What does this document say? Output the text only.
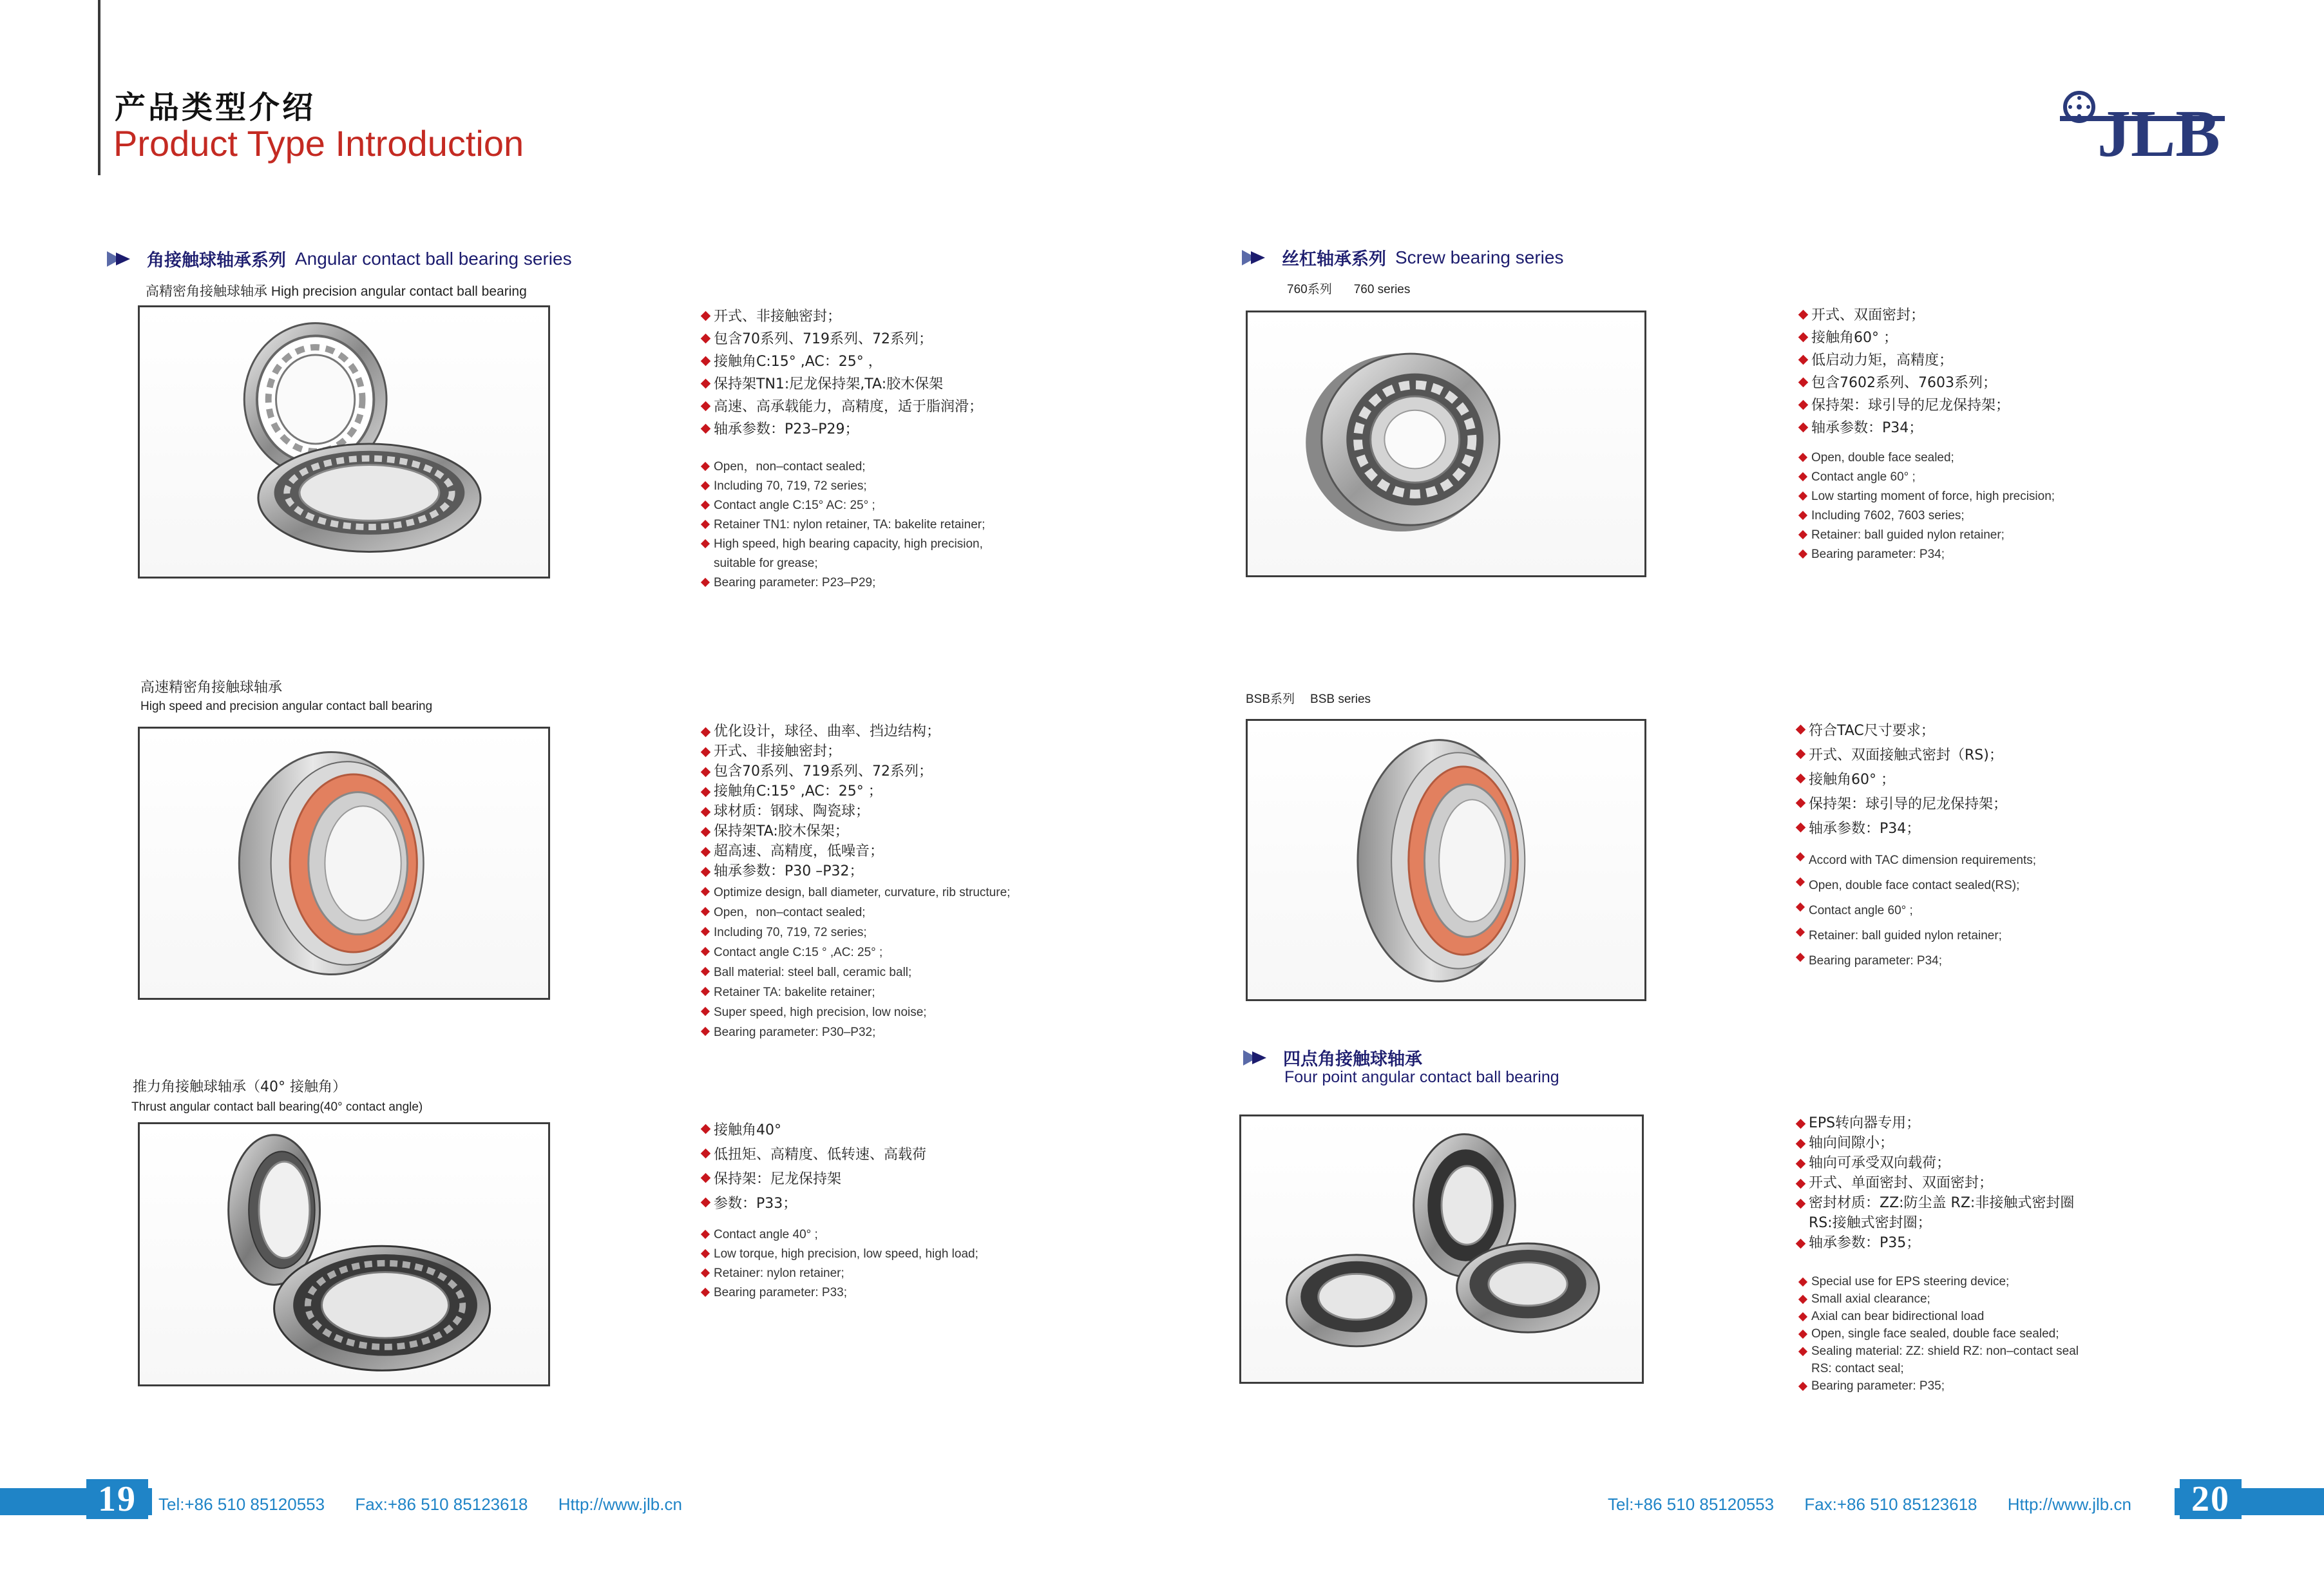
产品类型介绍
Product Type Introduction	JLB
角接触球轴承系列 Angular contact ball bearing series
高精密角接触球轴承 High precision angular contact ball bearing
开式、非接触密封；
包含70系列、719系列、72系列；
接触角C:15° ,AC：25° ，
保持架TN1:尼龙保持架,TA:胶木保架
高速、高承载能力，高精度，适于脂润滑；
轴承参数：P23–P29；
Open，non–contact sealed;
Including 70, 719, 72 series;
Contact angle C:15° AC: 25° ;
Retainer TN1: nylon retainer, TA: bakelite retainer;
High speed, high bearing capacity, high precision,
suitable for grease;
Bearing parameter: P23–P29;
高速精密角接触球轴承
High speed and precision angular contact ball bearing
优化设计，球径、曲率、挡边结构；
开式、非接触密封；
包含70系列、719系列、72系列；
接触角C:15° ,AC：25° ；
球材质：钢球、陶瓷球；
保持架TA:胶木保架；
超高速、高精度，低噪音；
轴承参数：P30 –P32；
Optimize design, ball diameter, curvature, rib structure;
Open，non–contact sealed;
Including 70, 719, 72 series;
Contact angle C:15 ° ,AC: 25° ;
Ball material: steel ball, ceramic ball;
Retainer TA: bakelite retainer;
Super speed, high precision, low noise;
Bearing parameter: P30–P32;
推力角接触球轴承（40° 接触角）
Thrust angular contact ball bearing(40° contact angle)
接触角40°
低扭矩、高精度、低转速、高载荷
保持架：尼龙保持架
参数：P33；
Contact angle 40° ;
Low torque, high precision, low speed, high load;
Retainer: nylon retainer;
Bearing parameter: P33;
丝杠轴承系列 Screw bearing series
760系列 760 series
开式、双面密封；
接触角60° ；
低启动力矩，高精度；
包含7602系列、7603系列；
保持架：球引导的尼龙保持架；
轴承参数：P34；
Open, double face sealed;
Contact angle 60° ;
Low starting moment of force, high precision;
Including 7602, 7603 series;
Retainer: ball guided nylon retainer;
Bearing parameter: P34;
BSB系列 BSB series
符合TAC尺寸要求；
开式、双面接触式密封（RS)；
接触角60° ；
保持架：球引导的尼龙保持架；
轴承参数：P34；
Accord with TAC dimension requirements;
Open, double face contact sealed(RS);
Contact angle 60° ;
Retainer: ball guided nylon retainer;
Bearing parameter: P34;
四点角接触球轴承
Four point angular contact ball bearing
EPS转向器专用；
轴向间隙小；
轴向可承受双向载荷；
开式、单面密封、双面密封；
密封材质：ZZ:防尘盖 RZ:非接触式密封圈
RS:接触式密封圈；
轴承参数：P35；
Special use for EPS steering device;
Small axial clearance;
Axial can bear bidirectional load
Open, single face sealed, double face sealed;
Sealing material: ZZ: shield RZ: non–contact seal
RS: contact seal;
Bearing parameter: P35;
19	Tel:+86 510 85120553 Fax:+86 510 85123618 Http://www.jlb.cn	Tel:+86 510 85120553 Fax:+86 510 85123618 Http://www.jlb.cn	20
